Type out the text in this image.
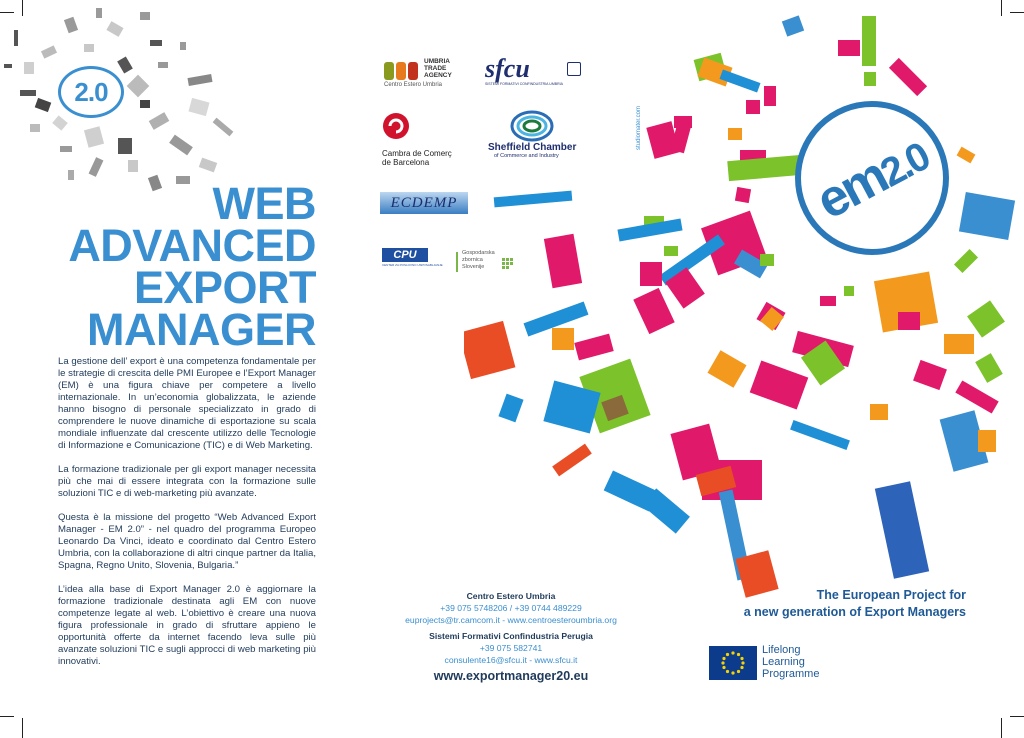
2.0
WEB
ADVANCED
EXPORT
MANAGER

La gestione dell’ export è una competenza fondamentale per le strategie di crescita delle PMI Europee e l’Export Manager (EM) è una figura chiave per competere a livello internazionale. In un’economia globalizzata, le aziende hanno bisogno di personale specializzato in grado di comprendere le nuove dinamiche di esportazione su scala mondiale influenzate dal crescente utilizzo delle Tecnologie di Informazione e Comunicazione (TIC) e di Web Marketing.

La formazione tradizionale per gli export manager necessita più che mai di essere integrata con la formazione sulle soluzioni TIC e di web-marketing più avanzate.

Questa è la missione del progetto “Web Advanced Export Manager - EM 2.0” - nel quadro del programma Europeo Leonardo Da Vinci, ideato e coordinato dal Centro Estero Umbria, con la collaborazione di altri cinque partner da Italia, Spagna, Regno Unito, Slovenia, Bulgaria.”

L’idea alla base di Export Manager 2.0 è aggiornare la formazione tradizionale destinata agli EM con nuove competenze legate al web. L’obiettivo è creare una nuova figura professionale in grado di sfruttare appieno le opportunità offerte da internet facendo leva sulle più avanzate soluzioni TIC e sugli approcci di web marketing più innovativi.

UMBRIA
TRADE
AGENCY
Centro Estero Umbria
sfcu
SISTEMI FORMATIVI CONFINDUSTRIA UMBRIA
Cambra de Comerç
de Barcelona
Sheffield Chamber
of Commerce and Industry
ECDEMP
CPU
CENTER ZA POSLOVNO USPOSABLJANJE
Gospodarska
zbornica
Slovenije
studiomater.com
Centro Estero Umbria
+39 075 5748206 / +39 0744 489229
euprojects@tr.camcom.it - www.centroesteroumbria.org
Sistemi Formativi Confindustria Perugia
+39 075 582741
consulente16@sfcu.it - www.sfcu.it
www.exportmanager20.eu
em2.0
The European Project for
a new generation of Export Managers
Lifelong
Learning
Programme
